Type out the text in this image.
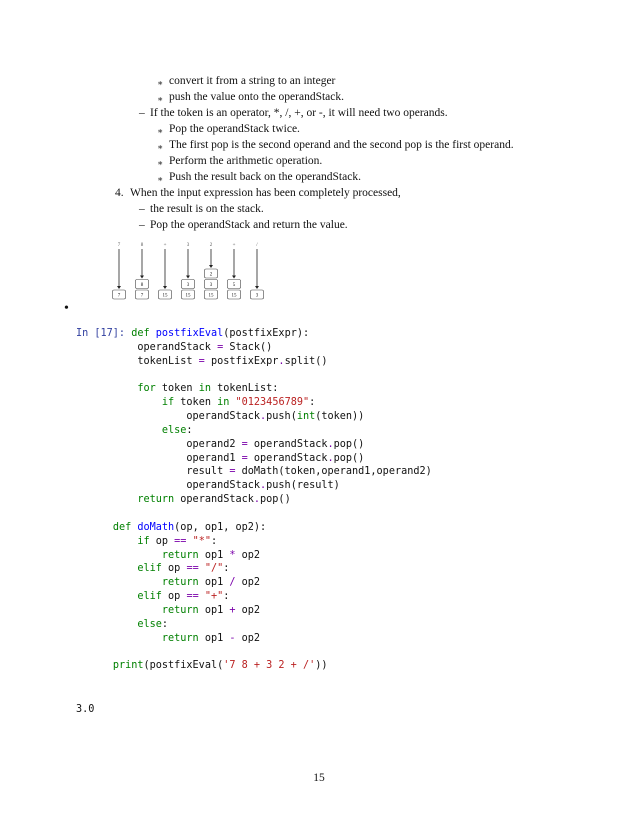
∗ convert it from a string to an integer
∗ push the value onto the operandStack.
– If the token is an operator, *, /, +, or -, it will need two operands.
∗ Pop the operandStack twice.
∗ The first pop is the second operand and the second pop is the first operand.
∗ Perform the arithmetic operation.
∗ Push the result back on the operandStack.
4. When the input expression has been completely processed,
– the result is on the stack.
– Pop the operandStack and return the value.
7
7
8
8
7
+
15
3
3
15
2
2
3
15
+
5
15
/
3
•
In [17]: def postfixEval(postfixExpr):
operandStack = Stack()
tokenList = postfixExpr.split()

for token in tokenList:
if token in "0123456789":
operandStack.push(int(token))
else:
operand2 = operandStack.pop()
operand1 = operandStack.pop()
result = doMath(token,operand1,operand2)
operandStack.push(result)
return operandStack.pop()

def doMath(op, op1, op2):
if op == "*":
return op1 * op2
elif op == "/":
return op1 / op2
elif op == "+":
return op1 + op2
else:
return op1 - op2

print(postfixEval('7 8 + 3 2 + /'))
3.0
15
